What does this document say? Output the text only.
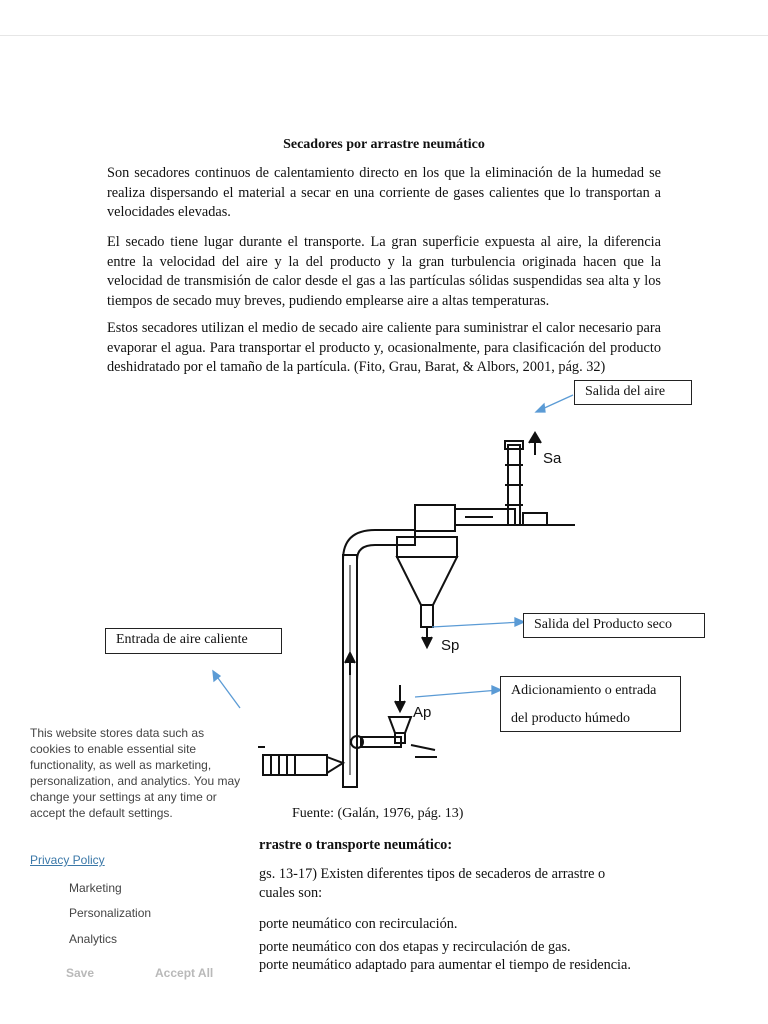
Secadores por arrastre neumático

Son secadores continuos de calentamiento directo en los que la eliminación de la humedad se realiza dispersando el material a secar en una corriente de gases calientes que lo transportan a velocidades elevadas.

El secado tiene lugar durante el transporte. La gran superficie expuesta al aire, la diferencia entre la velocidad del aire y la del producto y la gran turbulencia originada hacen que la velocidad de transmisión de calor desde el gas a las partículas sólidas suspendidas sea alta y los tiempos de secado muy breves, pudiendo emplearse aire a altas temperaturas.

Estos secadores utilizan el medio de secado aire caliente para suministrar el calor necesario para evaporar el agua. Para transportar el producto y, ocasionalmente, para clasificación del producto deshidratado por el tamaño de la partícula. (Fito, Grau, Barat, & Albors, 2001, pág. 32)

Sa
Sp
Ap
Salida del aire
Salida del Producto seco
Entrada de aire caliente
Adicionamiento o entrada
del producto húmedo
Fuente: (Galán, 1976, pág. 13)
rrastre o transporte neumático:
gs. 13-17) Existen diferentes tipos de secaderos de arrastre o
cuales son:
porte neumático con recirculación.
porte neumático con dos etapas y recirculación de gas.
porte neumático adaptado para aumentar el tiempo de residencia.

This website stores data such as cookies to enable essential site functionality, as well as marketing, personalization, and analytics. You may change your settings at any time or accept the default settings.

Privacy Policy
Marketing
Personalization
Analytics
Save	Accept All
